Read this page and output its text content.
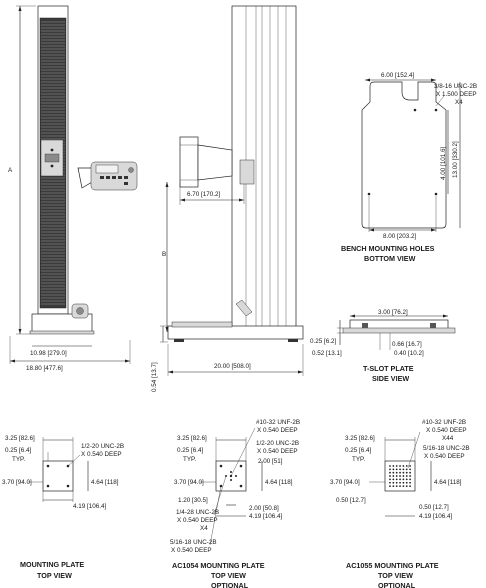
A
10.98 [279.0]
18.80 [477.6]
B
6.70 [170.2]
0.54 [13.7]	20.00 [508.0]
6.00 [152.4]
3/8-16 UNC-2B
X 1.500 DEEP
X4
4.00 [101.6] 13.00 [330.2]
8.00 [203.2]
BENCH MOUNTING HOLES
BOTTOM VIEW
3.00 [76.2]
0.25 [6.2]
0.52 [13.1]
0.66 [16.7]
0.40 [10.2]
T-SLOT PLATE
SIDE VIEW
3.25 [82.6]
0.25 [6.4]
TYP.
1/2-20 UNC-2B
X 0.540 DEEP
3.70 [94.0]	4.64 [118]
4.19 [106.4]
MOUNTING PLATE
TOP VIEW
#10-32 UNF-2B
X 0.540 DEEP
3.25 [82.6]
1/2-20 UNC-2B
X 0.540 DEEP
0.25 [6.4]
TYP.	2.00 [51]
3.70 [94.0]	4.64 [118]
1.20 [30.5]
1/4-28 UNC-2B
X 0.540 DEEP
X4
2.00 [50.8]
4.19 [106.4]
5/16-18 UNC-2B
X 0.540 DEEP
AC1054 MOUNTING PLATE
TOP VIEW
OPTIONAL
#10-32 UNF-2B
X 0.540 DEEP
X44
3.25 [82.6]
5/16-18 UNC-2B
X 0.540 DEEP
0.25 [6.4]
TYP.
3.70 [94.0]	4.64 [118]
0.50 [12.7]
0.50 [12.7]
4.19 [106.4]
AC1055 MOUNTING PLATE
TOP VIEW
OPTIONAL
